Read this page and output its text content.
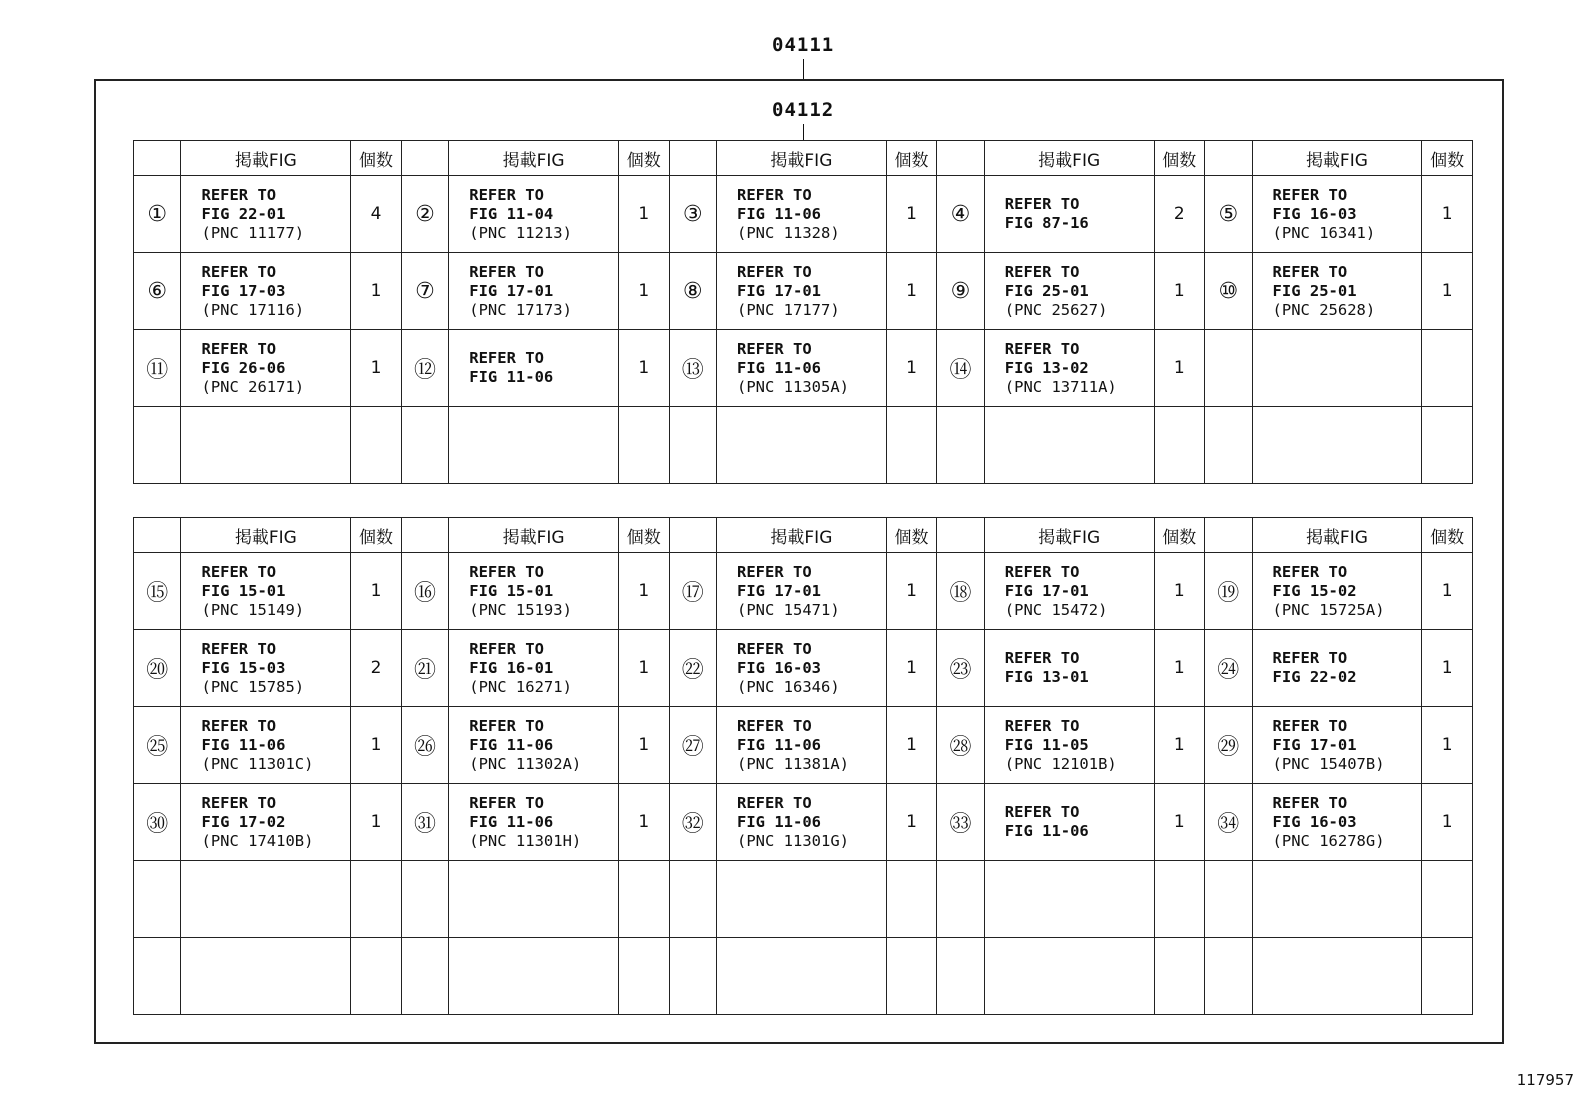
04111
04112
	掲載FIG	個数		掲載FIG	個数		掲載FIG	個数		掲載FIG	個数		掲載FIG	個数
①	REFER TO
FIG 22-01
(PNC 11177)	4	②	REFER TO
FIG 11-04
(PNC 11213)	1	③	REFER TO
FIG 11-06
(PNC 11328)	1	④	REFER TO
FIG 87-16	2	⑤	REFER TO
FIG 16-03
(PNC 16341)	1
⑥	REFER TO
FIG 17-03
(PNC 17116)	1	⑦	REFER TO
FIG 17-01
(PNC 17173)	1	⑧	REFER TO
FIG 17-01
(PNC 17177)	1	⑨	REFER TO
FIG 25-01
(PNC 25627)	1	⑩	REFER TO
FIG 25-01
(PNC 25628)	1
⑪	REFER TO
FIG 26-06
(PNC 26171)	1	⑫	REFER TO
FIG 11-06	1	⑬	REFER TO
FIG 11-06
(PNC 11305A)	1	⑭	REFER TO
FIG 13-02
(PNC 13711A)	1		

	掲載FIG	個数		掲載FIG	個数		掲載FIG	個数		掲載FIG	個数		掲載FIG	個数
⑮	REFER TO
FIG 15-01
(PNC 15149)	1	⑯	REFER TO
FIG 15-01
(PNC 15193)	1	⑰	REFER TO
FIG 17-01
(PNC 15471)	1	⑱	REFER TO
FIG 17-01
(PNC 15472)	1	⑲	REFER TO
FIG 15-02
(PNC 15725A)	1
⑳	REFER TO
FIG 15-03
(PNC 15785)	2	㉑	REFER TO
FIG 16-01
(PNC 16271)	1	㉒	REFER TO
FIG 16-03
(PNC 16346)	1	㉓	REFER TO
FIG 13-01	1	㉔	REFER TO
FIG 22-02	1
㉕	REFER TO
FIG 11-06
(PNC 11301C)	1	㉖	REFER TO
FIG 11-06
(PNC 11302A)	1	㉗	REFER TO
FIG 11-06
(PNC 11381A)	1	㉘	REFER TO
FIG 11-05
(PNC 12101B)	1	㉙	REFER TO
FIG 17-01
(PNC 15407B)	1
㉚	REFER TO
FIG 17-02
(PNC 17410B)	1	㉛	REFER TO
FIG 11-06
(PNC 11301H)	1	㉜	REFER TO
FIG 11-06
(PNC 11301G)	1	㉝	REFER TO
FIG 11-06	1	㉞	REFER TO
FIG 16-03
(PNC 16278G)	1

117957
